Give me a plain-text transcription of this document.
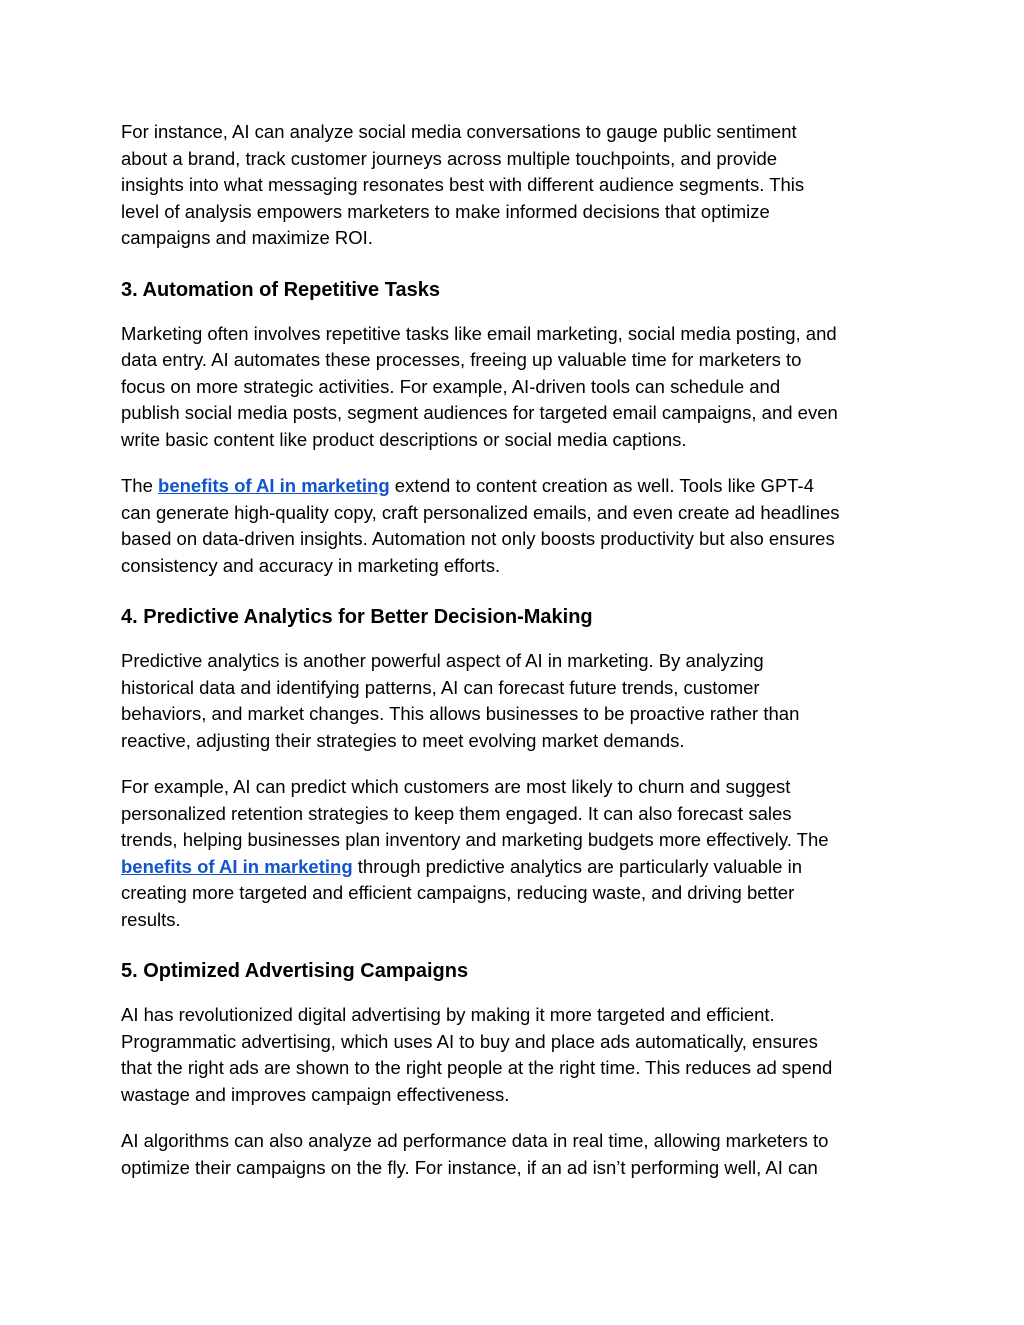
For instance, AI can analyze social media conversations to gauge public sentiment
about a brand, track customer journeys across multiple touchpoints, and provide
insights into what messaging resonates best with different audience segments. This
level of analysis empowers marketers to make informed decisions that optimize
campaigns and maximize ROI.

3. Automation of Repetitive Tasks

Marketing often involves repetitive tasks like email marketing, social media posting, and
data entry. AI automates these processes, freeing up valuable time for marketers to
focus on more strategic activities. For example, AI-driven tools can schedule and
publish social media posts, segment audiences for targeted email campaigns, and even
write basic content like product descriptions or social media captions.

The benefits of AI in marketing extend to content creation as well. Tools like GPT-4
can generate high-quality copy, craft personalized emails, and even create ad headlines
based on data-driven insights. Automation not only boosts productivity but also ensures
consistency and accuracy in marketing efforts.

4. Predictive Analytics for Better Decision-Making

Predictive analytics is another powerful aspect of AI in marketing. By analyzing
historical data and identifying patterns, AI can forecast future trends, customer
behaviors, and market changes. This allows businesses to be proactive rather than
reactive, adjusting their strategies to meet evolving market demands.

For example, AI can predict which customers are most likely to churn and suggest
personalized retention strategies to keep them engaged. It can also forecast sales
trends, helping businesses plan inventory and marketing budgets more effectively. The
benefits of AI in marketing through predictive analytics are particularly valuable in
creating more targeted and efficient campaigns, reducing waste, and driving better
results.

5. Optimized Advertising Campaigns

AI has revolutionized digital advertising by making it more targeted and efficient.
Programmatic advertising, which uses AI to buy and place ads automatically, ensures
that the right ads are shown to the right people at the right time. This reduces ad spend
wastage and improves campaign effectiveness.

AI algorithms can also analyze ad performance data in real time, allowing marketers to
optimize their campaigns on the fly. For instance, if an ad isn’t performing well, AI can
